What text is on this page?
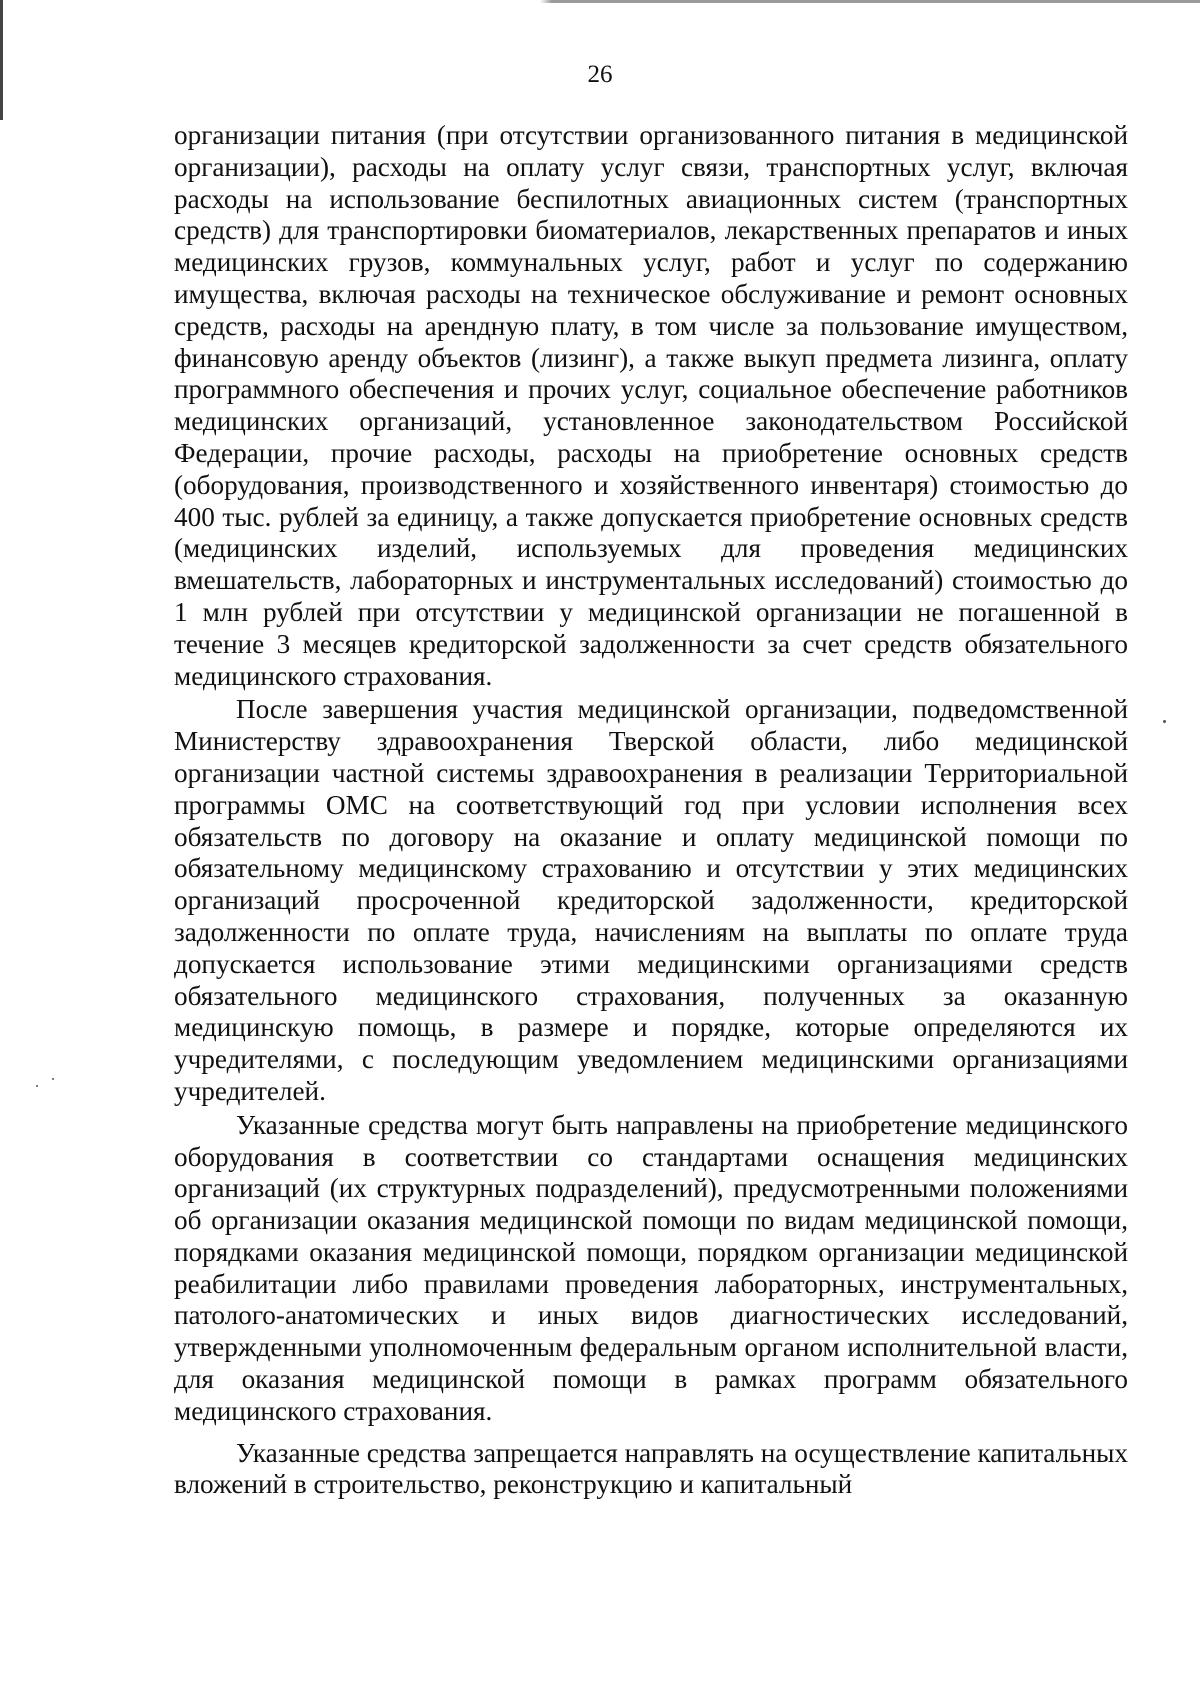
26

организации питания (при отсутствии организованного питания в медицинской организации), расходы на оплату услуг связи, транспортных услуг, включая расходы на использование беспилотных авиационных систем (транспортных средств) для транспортировки биоматериалов, лекарственных препаратов и иных медицинских грузов, коммунальных услуг, работ и услуг по содержанию имущества, включая расходы на техническое обслуживание и ремонт основных средств, расходы на арендную плату, в том числе за пользование имуществом, финансовую аренду объектов (лизинг), а также выкуп предмета лизинга, оплату программного обеспечения и прочих услуг, социальное обеспечение работников медицинских организаций, установленное законодательством Российской Федерации, прочие расходы, расходы на приобретение основных средств (оборудования, производственного и хозяйственного инвентаря) стоимостью до 400 тыс. рублей за единицу, а также допускается приобретение основных средств (медицинских изделий, используемых для проведения медицинских вмешательств, лабораторных и инструментальных исследований) стоимостью до 1 млн рублей при отсутствии у медицинской организации не погашенной в течение 3 месяцев кредиторской задолженности за счет средств обязательного медицинского страхования.

После завершения участия медицинской организации, подведомственной Министерству здравоохранения Тверской области, либо медицинской организации частной системы здравоохранения в реализации Территориальной программы ОМС на соответствующий год при условии исполнения всех обязательств по договору на оказание и оплату медицинской помощи по обязательному медицинскому страхованию и отсутствии у этих медицинских организаций просроченной кредиторской задолженности, кредиторской задолженности по оплате труда, начислениям на выплаты по оплате труда допускается использование этими медицинскими организациями средств обязательного медицинского страхования, полученных за оказанную медицинскую помощь, в размере и порядке, которые определяются их учредителями, с последующим уведомлением медицинскими организациями учредителей.

Указанные средства могут быть направлены на приобретение медицинского оборудования в соответствии со стандартами оснащения медицинских организаций (их структурных подразделений), предусмотренными положениями об организации оказания медицинской помощи по видам медицинской помощи, порядками оказания медицинской помощи, порядком организации медицинской реабилитации либо правилами проведения лабораторных, инструментальных, патолого-анатомических и иных видов диагностических исследований, утвержденными уполномоченным федеральным органом исполнительной власти, для оказания медицинской помощи в рамках программ обязательного медицинского страхования.

Указанные средства запрещается направлять на осуществление капитальных вложений в строительство, реконструкцию и капитальный
